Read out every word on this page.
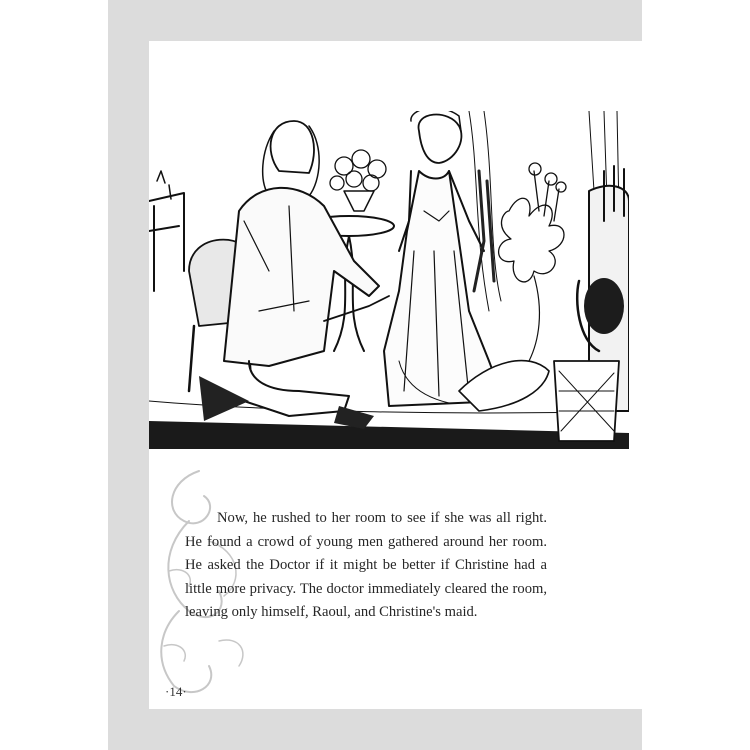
Now, he rushed to her room to see if she was all right. He found a crowd of young men gathered around her room. He asked the Doctor if it might be better if Christine had a little more privacy. The doctor immediately cleared the room, leaving only himself, Raoul, and Christine's maid.

·14·
